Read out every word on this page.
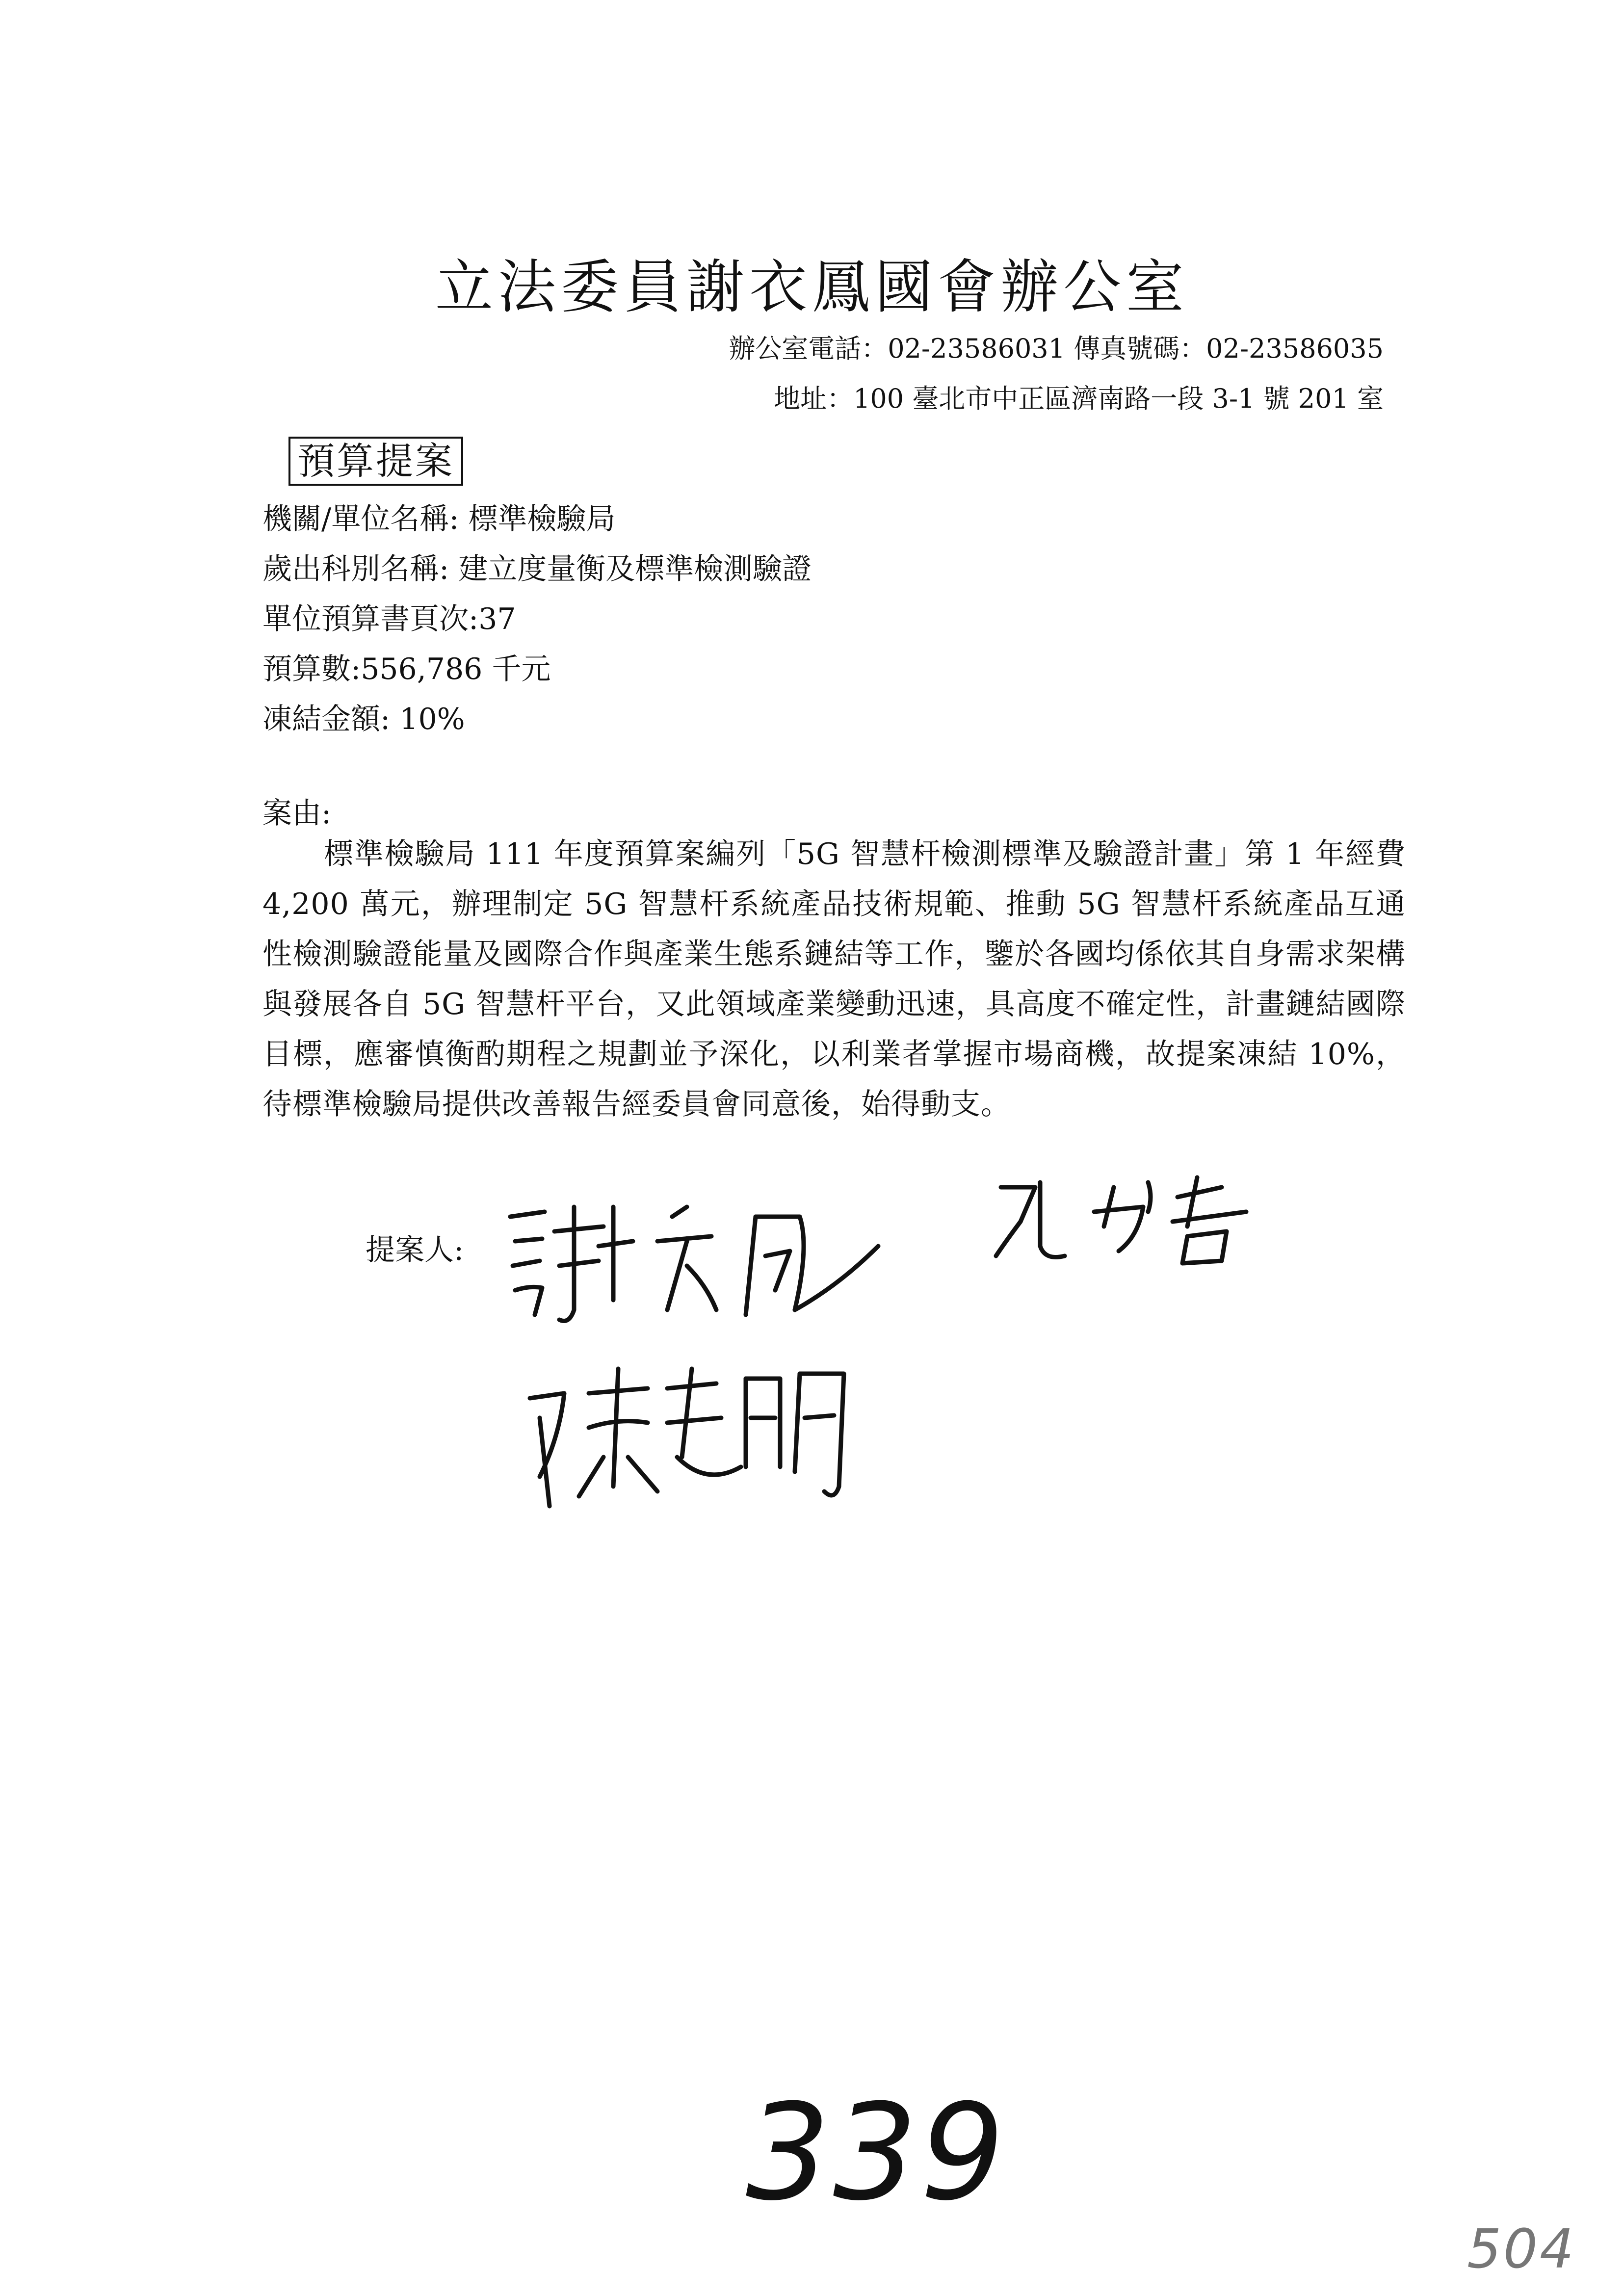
立法委員謝衣鳳國會辦公室
辦公室電話：02-23586031 傳真號碼：02-23586035
地址：100 臺北市中正區濟南路一段 3-1 號 201 室
預算提案
機關/單位名稱: 標準檢驗局
歲出科別名稱: 建立度量衡及標準檢測驗證
單位預算書頁次:37
預算數:556,786 千元
凍結金額: 10%
案由:
標準檢驗局 111 年度預算案編列「5G 智慧杆檢測標準及驗證計畫」第 1 年經費 4,200 萬元，辦理制定 5G 智慧杆系統產品技術規範、推動 5G 智慧杆系統產品互通性檢測驗證能量及國際合作與產業生態系鏈結等工作，鑒於各國均係依其自身需求架構與發展各自 5G 智慧杆平台，又此領域產業變動迅速，具高度不確定性，計畫鏈結國際目標，應審慎衡酌期程之規劃並予深化，以利業者掌握市場商機，故提案凍結 10%，待標準檢驗局提供改善報告經委員會同意後，始得動支。
提案人:
339
504
